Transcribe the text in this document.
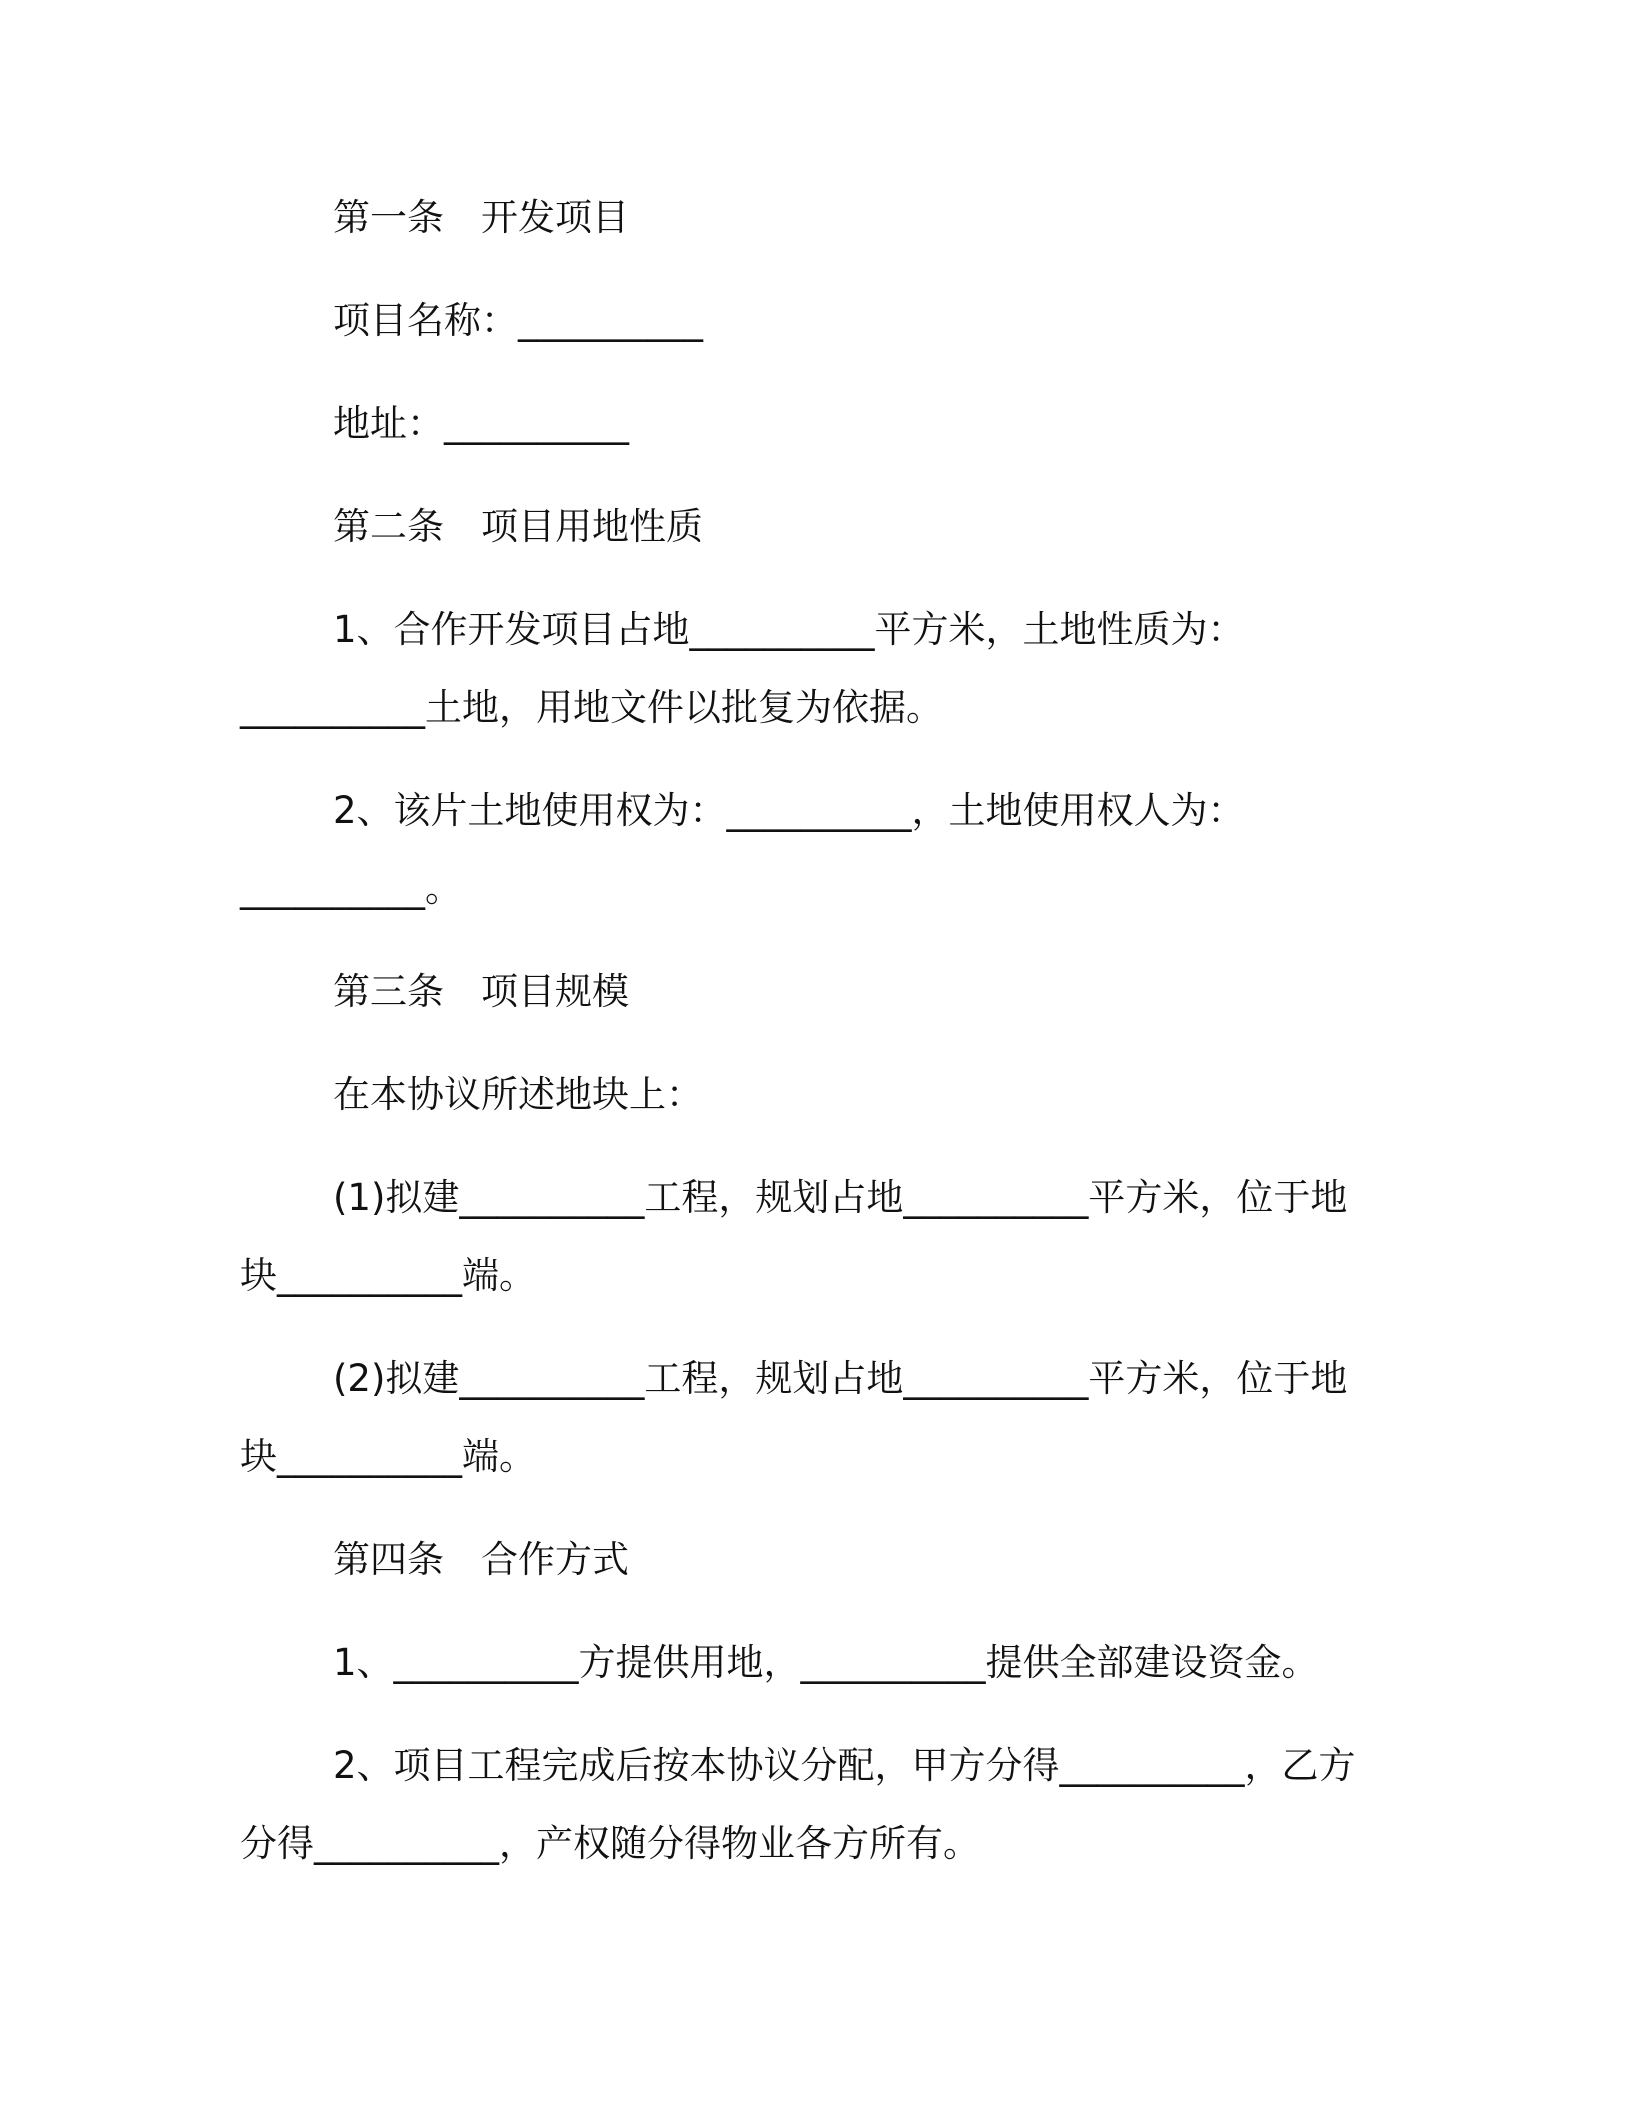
第一条　开发项目
项目名称：__________
地址：__________
第二条　项目用地性质
1、合作开发项目占地__________平方米，土地性质为：
__________土地，用地文件以批复为依据。
2、该片土地使用权为：__________，土地使用权人为：
__________。
第三条　项目规模
在本协议所述地块上：
(1)拟建__________工程，规划占地__________平方米，位于地
块__________端。
(2)拟建__________工程，规划占地__________平方米，位于地
块__________端。
第四条　合作方式
1、__________方提供用地，__________提供全部建设资金。
2、项目工程完成后按本协议分配，甲方分得__________，乙方
分得__________，产权随分得物业各方所有。
